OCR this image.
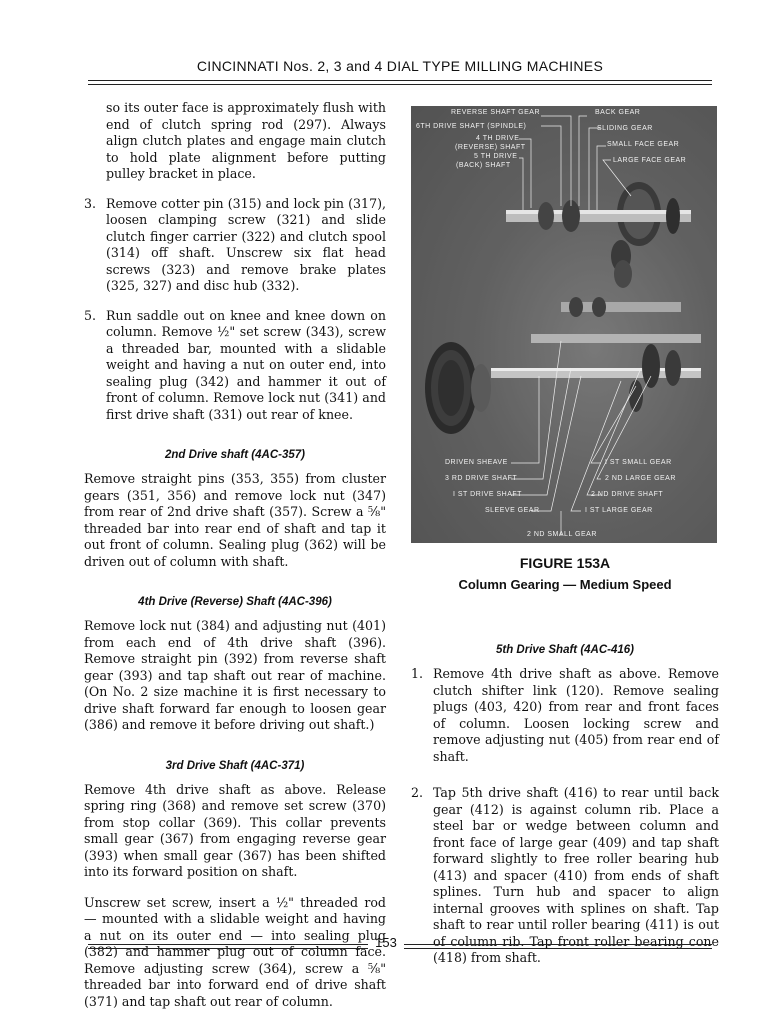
CINCINNATI Nos. 2, 3 and 4 DIAL TYPE MILLING MACHINES

so its outer face is approximately flush with end of clutch spring rod (297). Always align clutch plates and engage main clutch to hold plate alignment before putting pulley bracket in place.

3. Remove cotter pin (315) and lock pin (317), loosen clamping screw (321) and slide clutch finger carrier (322) and clutch spool (314) off shaft. Unscrew six flat head screws (323) and remove brake plates (325, 327) and disc hub (332).

5. Run saddle out on knee and knee down on column. Remove ½" set screw (343), screw a threaded bar, mounted with a slidable weight and having a nut on outer end, into sealing plug (342) and hammer it out of front of column. Remove lock nut (341) and first drive shaft (331) out rear of knee.

2nd Drive shaft (4AC-357)

Remove straight pins (353, 355) from cluster gears (351, 356) and remove lock nut (347) from rear of 2nd drive shaft (357). Screw a ⅝" threaded bar into rear end of shaft and tap it out front of column. Sealing plug (362) will be driven out of column with shaft.

4th Drive (Reverse) Shaft (4AC-396)

Remove lock nut (384) and adjusting nut (401) from each end of 4th drive shaft (396). Remove straight pin (392) from reverse shaft gear (393) and tap shaft out rear of machine. (On No. 2 size machine it is first necessary to drive shaft forward far enough to loosen gear (386) and remove it before driving out shaft.)

3rd Drive Shaft (4AC-371)

Remove 4th drive shaft as above. Release spring ring (368) and remove set screw (370) from stop collar (369). This collar prevents small gear (367) from engaging reverse gear (393) when small gear (367) has been shifted into its forward position on shaft.

Unscrew set screw, insert a ½" threaded rod — mounted with a slidable weight and having a nut on its outer end — into sealing plug (382) and hammer plug out of column face. Remove adjusting screw (364), screw a ⅝" threaded bar into forward end of drive shaft (371) and tap shaft out rear of column.

REVERSE SHAFT GEAR
6TH DRIVE SHAFT (SPINDLE)
4 TH DRIVE
(REVERSE) SHAFT
5 TH DRIVE
(BACK) SHAFT
BACK GEAR
SLIDING GEAR
SMALL FACE GEAR
LARGE FACE GEAR
DRIVEN SHEAVE
3 RD DRIVE SHAFT
I ST DRIVE SHAFT
SLEEVE GEAR
I ST SMALL GEAR
2 ND LARGE GEAR
2 ND DRIVE SHAFT
I ST LARGE GEAR
2 ND SMALL GEAR
FIGURE 153A
Column Gearing — Medium Speed
5th Drive Shaft (4AC-416)
1. Remove 4th drive shaft as above. Remove clutch shifter link (120). Remove sealing plugs (403, 420) from rear and front faces of column. Loosen locking screw and remove adjusting nut (405) from rear end of shaft.

2. Tap 5th drive shaft (416) to rear until back gear (412) is against column rib. Place a steel bar or wedge between column and front face of large gear (409) and tap shaft forward slightly to free roller bearing hub (413) and spacer (410) from ends of shaft splines. Turn hub and spacer to align internal grooves with splines on shaft. Tap shaft to rear until roller bearing (411) is out of column rib. Tap front roller bearing cone (418) from shaft.

153
